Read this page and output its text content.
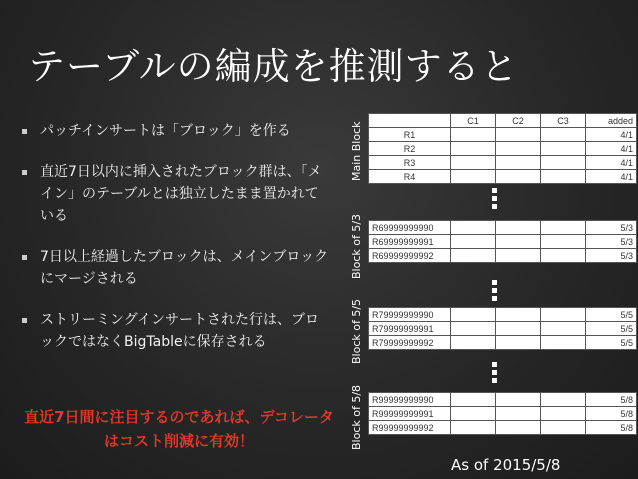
テーブルの編成を推測すると
パッチインサートは「ブロック」を作る
直近7日以内に挿入されたブロック群は、「メイン」のテーブルとは独立したまま置かれている
7日以上経過したブロックは、メインブロックにマージされる
ストリーミングインサートされた行は、ブロックではなくBigTableに保存される
直近7日間に注目するのであれば、デコレータはコスト削減に有効！
Main Block
	C1	C2	C3	added
R1				4/1
R2				4/1
R3				4/1
R4				4/1
Block of 5/3 R69999999990				5/3
R69999999991				5/3
R69999999992				5/3
Block of 5/5 R79999999990				5/5
R79999999991				5/5
R79999999992				5/5
Block of 5/8 R99999999990				5/8
R99999999991				5/8
R99999999992				5/8
As of 2015/5/8
